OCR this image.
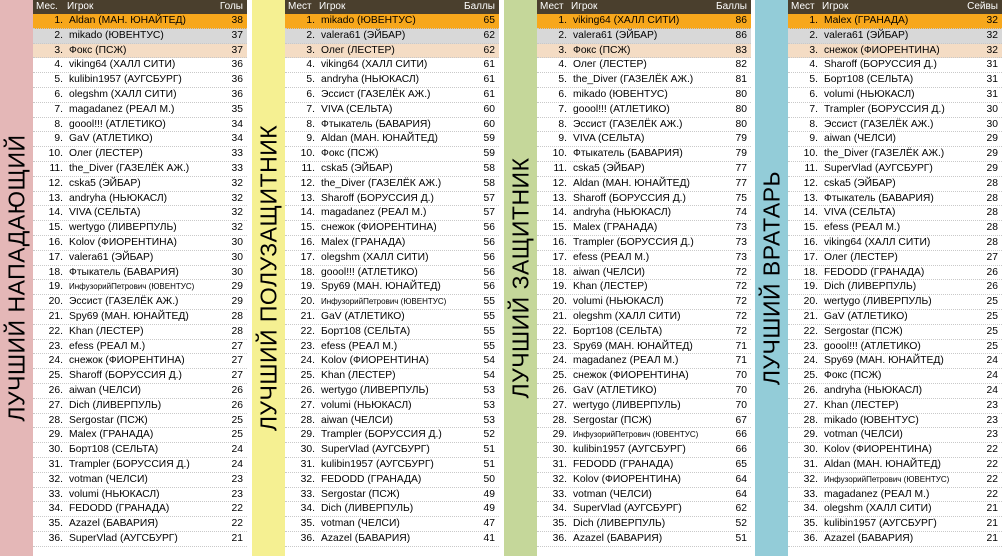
ЛУЧШИЙ НАПАДАЮЩИЙ
Мес. Игрок	Голы
1. Aldan (МАН. ЮНАЙТЕД)	38
2. mikado (ЮВЕНТУС)	37
3. Фокс (ПСЖ)	37
4. viking64 (ХАЛЛ СИТИ)	36
5. kulibin1957 (АУГСБУРГ)	36
6. olegshm (ХАЛЛ СИТИ)	36
7. magadanez (РЕАЛ М.)	35
8. goool!!! (АТЛЕТИКО)	34
9. GaV (АТЛЕТИКО)	34
10. Олег (ЛЕСТЕР)	33
11. the_Diver (ГАЗЕЛЁК АЖ.)	33
12. cska5 (ЭЙБАР)	32
13. andryha (НЬЮКАСЛ)	32
14. VIVA (СЕЛЬТА)	32
15. wertygo (ЛИВЕРПУЛЬ)	32
16. Kolov (ФИОРЕНТИНА)	30
17. valera61 (ЭЙБАР)	30
18. Фтыкатель (БАВАРИЯ)	30
19. ИнфузорийПетрович (ЮВЕНТУС)	29
20. Эссист (ГАЗЕЛЁК АЖ.)	29
21. Spy69 (МАН. ЮНАЙТЕД)	28
22. Khan (ЛЕСТЕР)	28
23. efess (РЕАЛ М.)	27
24. снежок (ФИОРЕНТИНА)	27
25. Sharoff (БОРУССИЯ Д.)	27
26. aiwan (ЧЕЛСИ)	26
27. Dich (ЛИВЕРПУЛЬ)	26
28. Sergostar (ПСЖ)	25
29. Malex (ГРАНАДА)	25
30. Борт108 (СЕЛЬТА)	24
31. Trampler (БОРУССИЯ Д.)	24
32. votman (ЧЕЛСИ)	23
33. volumi (НЬЮКАСЛ)	23
34. FEDODD (ГРАНАДА)	22
35. Azazel (БАВАРИЯ)	22
36. SuperVlad (АУГСБУРГ)	21
ЛУЧШИЙ ПОЛУЗАЩИТНИК
Мест Игрок	Баллы
1. mikado (ЮВЕНТУС)	65
2. valera61 (ЭЙБАР)	62
3. Олег (ЛЕСТЕР)	62
4. viking64 (ХАЛЛ СИТИ)	61
5. andryha (НЬЮКАСЛ)	61
6. Эссист (ГАЗЕЛЁК АЖ.)	61
7. VIVA (СЕЛЬТА)	60
8. Фтыкатель (БАВАРИЯ)	60
9. Aldan (МАН. ЮНАЙТЕД)	59
10. Фокс (ПСЖ)	59
11. cska5 (ЭЙБАР)	58
12. the_Diver (ГАЗЕЛЁК АЖ.)	58
13. Sharoff (БОРУССИЯ Д.)	57
14. magadanez (РЕАЛ М.)	57
15. снежок (ФИОРЕНТИНА)	56
16. Malex (ГРАНАДА)	56
17. olegshm (ХАЛЛ СИТИ)	56
18. goool!!! (АТЛЕТИКО)	56
19. Spy69 (МАН. ЮНАЙТЕД)	56
20. ИнфузорийПетрович (ЮВЕНТУС)	55
21. GaV (АТЛЕТИКО)	55
22. Борт108 (СЕЛЬТА)	55
23. efess (РЕАЛ М.)	55
24. Kolov (ФИОРЕНТИНА)	54
25. Khan (ЛЕСТЕР)	54
26. wertygo (ЛИВЕРПУЛЬ)	53
27. volumi (НЬЮКАСЛ)	53
28. aiwan (ЧЕЛСИ)	53
29. Trampler (БОРУССИЯ Д.)	52
30. SuperVlad (АУГСБУРГ)	51
31. kulibin1957 (АУГСБУРГ)	51
32. FEDODD (ГРАНАДА)	50
33. Sergostar (ПСЖ)	49
34. Dich (ЛИВЕРПУЛЬ)	49
35. votman (ЧЕЛСИ)	47
36. Azazel (БАВАРИЯ)	41
ЛУЧШИЙ ЗАЩИТНИК
Мест Игрок	Баллы
1. viking64 (ХАЛЛ СИТИ)	86
2. valera61 (ЭЙБАР)	86
3. Фокс (ПСЖ)	83
4. Олег (ЛЕСТЕР)	82
5. the_Diver (ГАЗЕЛЁК АЖ.)	81
6. mikado (ЮВЕНТУС)	80
7. goool!!! (АТЛЕТИКО)	80
8. Эссист (ГАЗЕЛЁК АЖ.)	80
9. VIVA (СЕЛЬТА)	79
10. Фтыкатель (БАВАРИЯ)	79
11. cska5 (ЭЙБАР)	77
12. Aldan (МАН. ЮНАЙТЕД)	77
13. Sharoff (БОРУССИЯ Д.)	75
14. andryha (НЬЮКАСЛ)	74
15. Malex (ГРАНАДА)	73
16. Trampler (БОРУССИЯ Д.)	73
17. efess (РЕАЛ М.)	73
18. aiwan (ЧЕЛСИ)	72
19. Khan (ЛЕСТЕР)	72
20. volumi (НЬЮКАСЛ)	72
21. olegshm (ХАЛЛ СИТИ)	72
22. Борт108 (СЕЛЬТА)	72
23. Spy69 (МАН. ЮНАЙТЕД)	71
24. magadanez (РЕАЛ М.)	71
25. снежок (ФИОРЕНТИНА)	70
26. GaV (АТЛЕТИКО)	70
27. wertygo (ЛИВЕРПУЛЬ)	70
28. Sergostar (ПСЖ)	67
29. ИнфузорийПетрович (ЮВЕНТУС)	66
30. kulibin1957 (АУГСБУРГ)	66
31. FEDODD (ГРАНАДА)	65
32. Kolov (ФИОРЕНТИНА)	64
33. votman (ЧЕЛСИ)	64
34. SuperVlad (АУГСБУРГ)	62
35. Dich (ЛИВЕРПУЛЬ)	52
36. Azazel (БАВАРИЯ)	51
ЛУЧШИЙ ВРАТАРЬ
Мест Игрок	Сейвы
1. Malex (ГРАНАДА)	32
2. valera61 (ЭЙБАР)	32
3. снежок (ФИОРЕНТИНА)	32
4. Sharoff (БОРУССИЯ Д.)	31
5. Борт108 (СЕЛЬТА)	31
6. volumi (НЬЮКАСЛ)	31
7. Trampler (БОРУССИЯ Д.)	30
8. Эссист (ГАЗЕЛЁК АЖ.)	30
9. aiwan (ЧЕЛСИ)	29
10. the_Diver (ГАЗЕЛЁК АЖ.)	29
11. SuperVlad (АУГСБУРГ)	29
12. cska5 (ЭЙБАР)	28
13. Фтыкатель (БАВАРИЯ)	28
14. VIVA (СЕЛЬТА)	28
15. efess (РЕАЛ М.)	28
16. viking64 (ХАЛЛ СИТИ)	28
17. Олег (ЛЕСТЕР)	27
18. FEDODD (ГРАНАДА)	26
19. Dich (ЛИВЕРПУЛЬ)	26
20. wertygo (ЛИВЕРПУЛЬ)	25
21. GaV (АТЛЕТИКО)	25
22. Sergostar (ПСЖ)	25
23. goool!!! (АТЛЕТИКО)	25
24. Spy69 (МАН. ЮНАЙТЕД)	24
25. Фокс (ПСЖ)	24
26. andryha (НЬЮКАСЛ)	24
27. Khan (ЛЕСТЕР)	23
28. mikado (ЮВЕНТУС)	23
29. votman (ЧЕЛСИ)	23
30. Kolov (ФИОРЕНТИНА)	22
31. Aldan (МАН. ЮНАЙТЕД)	22
32. ИнфузорийПетрович (ЮВЕНТУС)	22
33. magadanez (РЕАЛ М.)	22
34. olegshm (ХАЛЛ СИТИ)	21
35. kulibin1957 (АУГСБУРГ)	21
36. Azazel (БАВАРИЯ)	21
